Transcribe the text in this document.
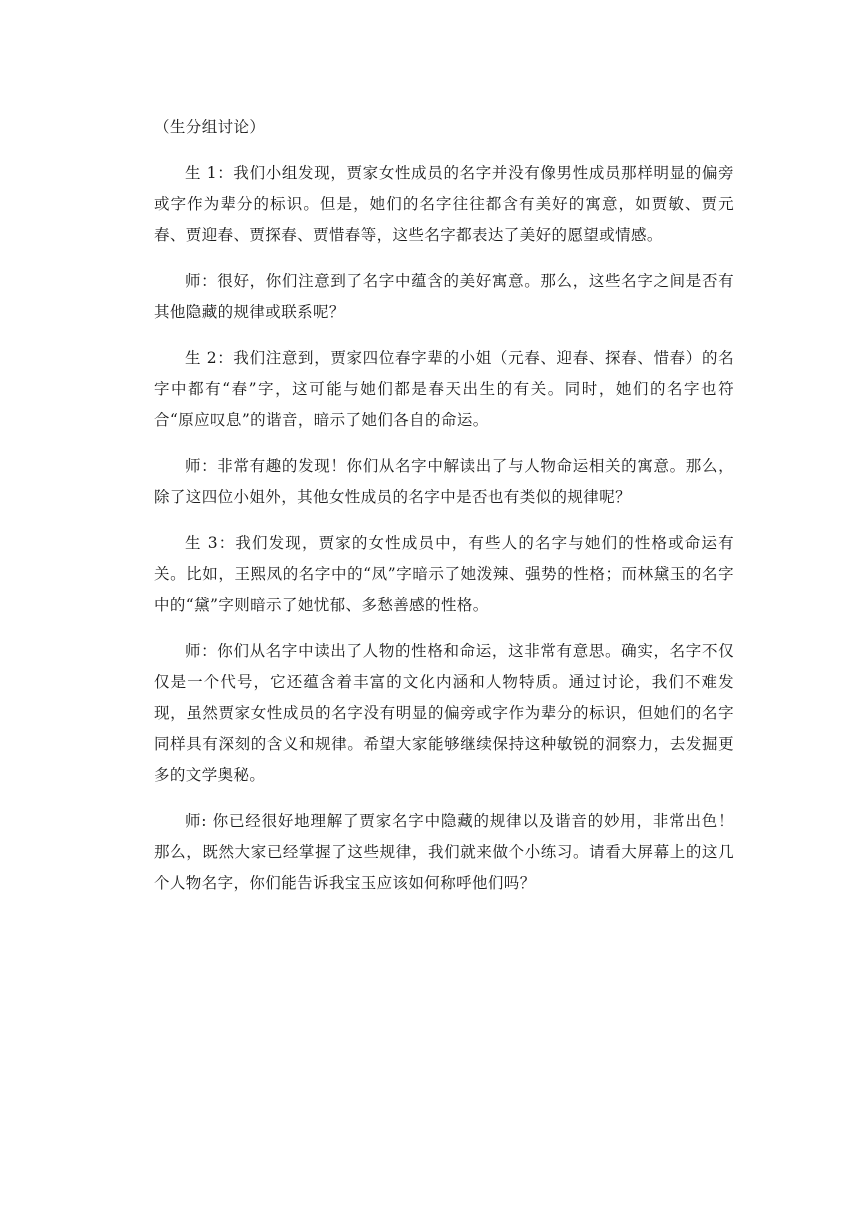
（生分组讨论）

生 1：我们小组发现，贾家女性成员的名字并没有像男性成员那样明显的偏旁或字作为辈分的标识。但是，她们的名字往往都含有美好的寓意，如贾敏、贾元春、贾迎春、贾探春、贾惜春等，这些名字都表达了美好的愿望或情感。

师：很好，你们注意到了名字中蕴含的美好寓意。那么，这些名字之间是否有其他隐藏的规律或联系呢？

生 2：我们注意到，贾家四位春字辈的小姐（元春、迎春、探春、惜春）的名字中都有“春”字，这可能与她们都是春天出生的有关。同时，她们的名字也符合“原应叹息”的谐音，暗示了她们各自的命运。

师：非常有趣的发现！你们从名字中解读出了与人物命运相关的寓意。那么，除了这四位小姐外，其他女性成员的名字中是否也有类似的规律呢？

生 3：我们发现，贾家的女性成员中，有些人的名字与她们的性格或命运有关。比如，王熙凤的名字中的“凤”字暗示了她泼辣、强势的性格；而林黛玉的名字中的“黛”字则暗示了她忧郁、多愁善感的性格。

师：你们从名字中读出了人物的性格和命运，这非常有意思。确实，名字不仅仅是一个代号，它还蕴含着丰富的文化内涵和人物特质。通过讨论，我们不难发现，虽然贾家女性成员的名字没有明显的偏旁或字作为辈分的标识，但她们的名字同样具有深刻的含义和规律。希望大家能够继续保持这种敏锐的洞察力，去发掘更多的文学奥秘。

师: 你已经很好地理解了贾家名字中隐藏的规律以及谐音的妙用，非常出色！那么，既然大家已经掌握了这些规律，我们就来做个小练习。请看大屏幕上的这几个人物名字，你们能告诉我宝玉应该如何称呼他们吗？
